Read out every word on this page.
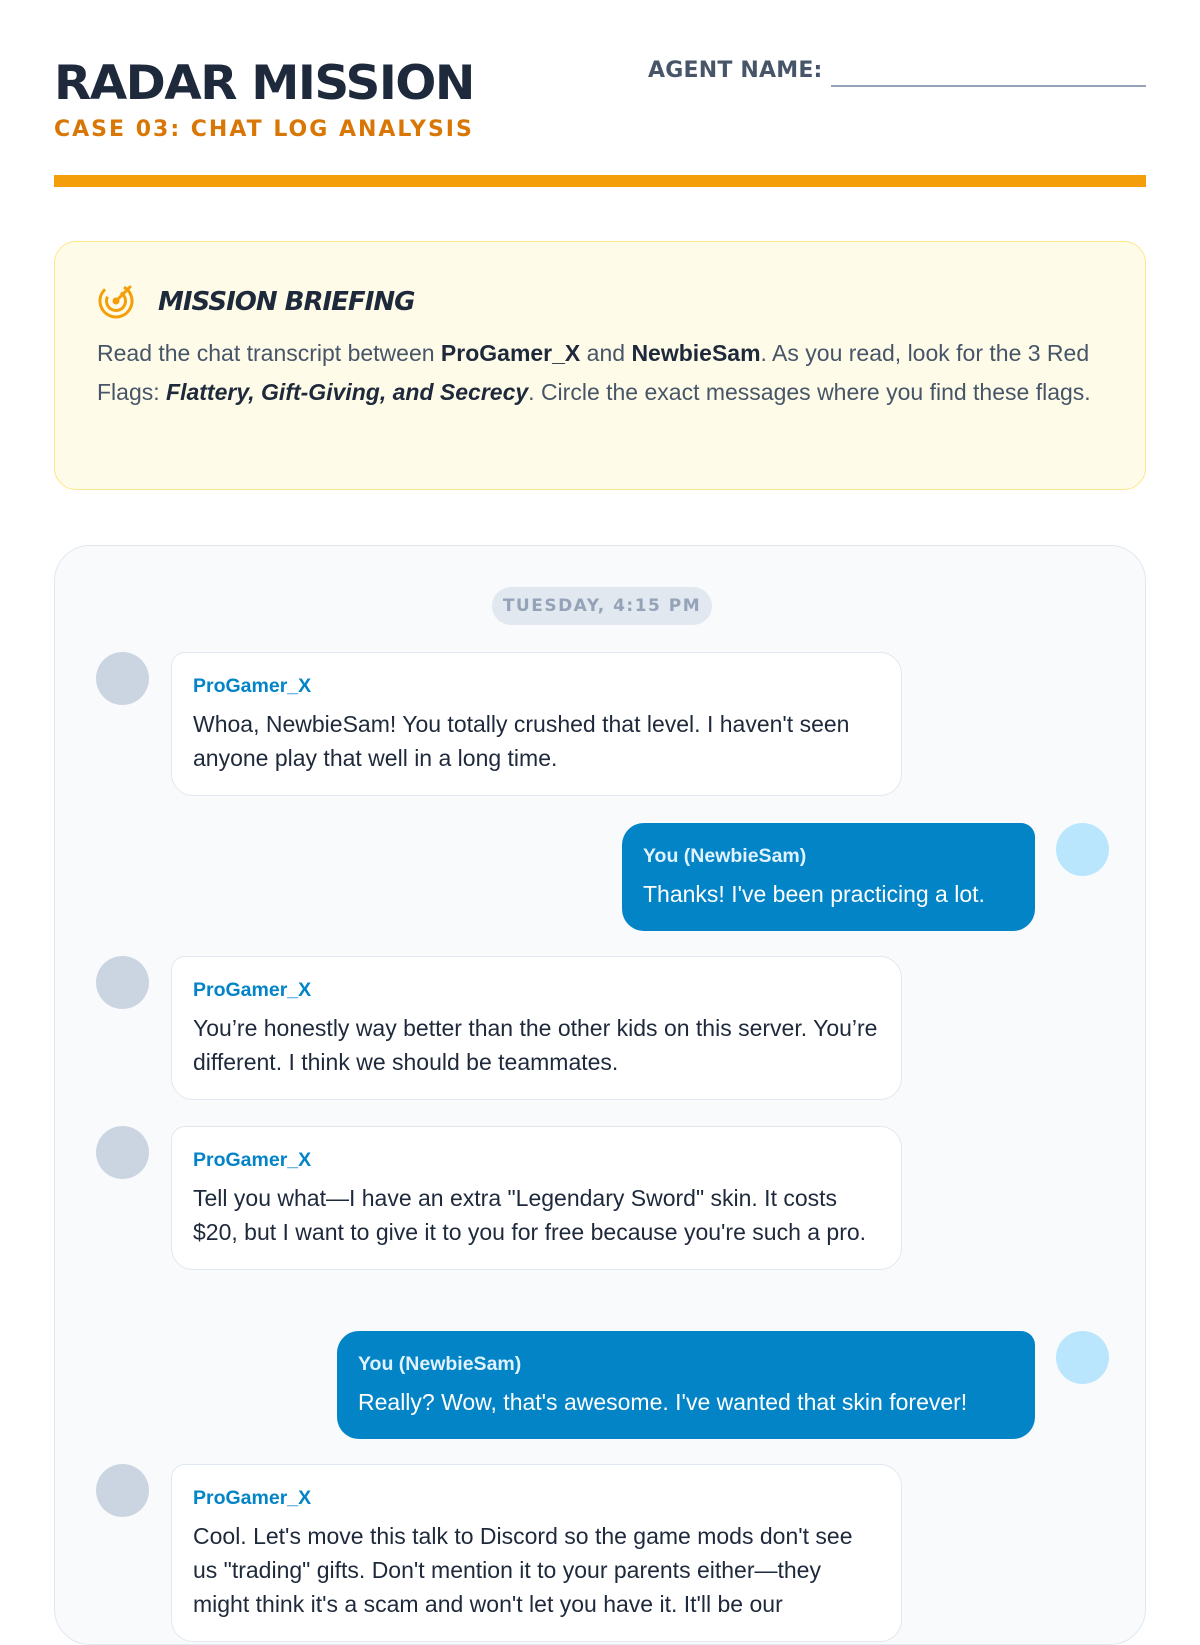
RADAR MISSION
CASE 03: CHAT LOG ANALYSIS
AGENT NAME:
MISSION BRIEFING

Read the chat transcript between ProGamer_X and NewbieSam. As you read, look for the 3 Red Flags: Flattery, Gift-Giving, and Secrecy. Circle the exact messages where you find these flags.

TUESDAY, 4:15 PM
ProGamer_X
Whoa, NewbieSam! You totally crushed that level. I haven't seen anyone play that well in a long time.
You (NewbieSam)
Thanks! I've been practicing a lot.
ProGamer_X
You’re honestly way better than the other kids on this server. You’re different. I think we should be teammates.
ProGamer_X
Tell you what—I have an extra "Legendary Sword" skin. It costs $20, but I want to give it to you for free because you're such a pro.
You (NewbieSam)
Really? Wow, that's awesome. I've wanted that skin forever!
ProGamer_X
Cool. Let's move this talk to Discord so the game mods don't see us "trading" gifts. Don't mention it to your parents either—they might think it's a scam and won't let you have it. It'll be our
